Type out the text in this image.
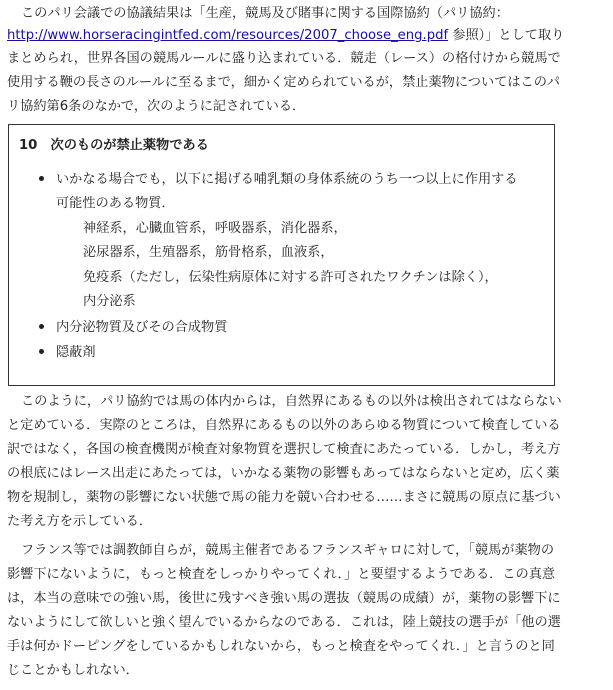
このパリ会議での協議結果は「生産，競馬及び賭事に関する国際協約（パリ協約：
http://www.horseracingintfed.com/resources/2007_choose_eng.pdf 参照）」として取り
まとめられ，世界各国の競馬ルールに盛り込まれている．競走（レース）の格付けから競馬で
使用する鞭の長さのルールに至るまで，細かく定められているが，禁止薬物についてはこのパ
リ協約第6条のなかで，次のように記されている．
10　次のものが禁止薬物である
いかなる場合でも，以下に掲げる哺乳類の身体系統のうち一つ以上に作用する
可能性のある物質．
神経系，心臓血管系，呼吸器系，消化器系，
泌尿器系，生殖器系，筋骨格系，血液系，
免疫系（ただし，伝染性病原体に対する許可されたワクチンは除く），
内分泌系
内分泌物質及びその合成物質
隠蔽剤
このように，パリ協約では馬の体内からは，自然界にあるもの以外は検出されてはならない
と定めている．実際のところは，自然界にあるもの以外のあらゆる物質について検査している
訳ではなく，各国の検査機関が検査対象物質を選択して検査にあたっている．しかし，考え方
の根底にはレース出走にあたっては，いかなる薬物の影響もあってはならないと定め，広く薬
物を規制し，薬物の影響にない状態で馬の能力を競い合わせる……まさに競馬の原点に基づい
た考え方を示している．
フランス等では調教師自らが，競馬主催者であるフランスギャロに対して，「競馬が薬物の
影響下にないように，もっと検査をしっかりやってくれ．」と要望するようである．この真意
は，本当の意味での強い馬，後世に残すべき強い馬の選抜（競馬の成績）が，薬物の影響下に
ないようにして欲しいと強く望んでいるからなのである．これは，陸上競技の選手が「他の選
手は何かドーピングをしているかもしれないから，もっと検査をやってくれ．」と言うのと同
じことかもしれない．
